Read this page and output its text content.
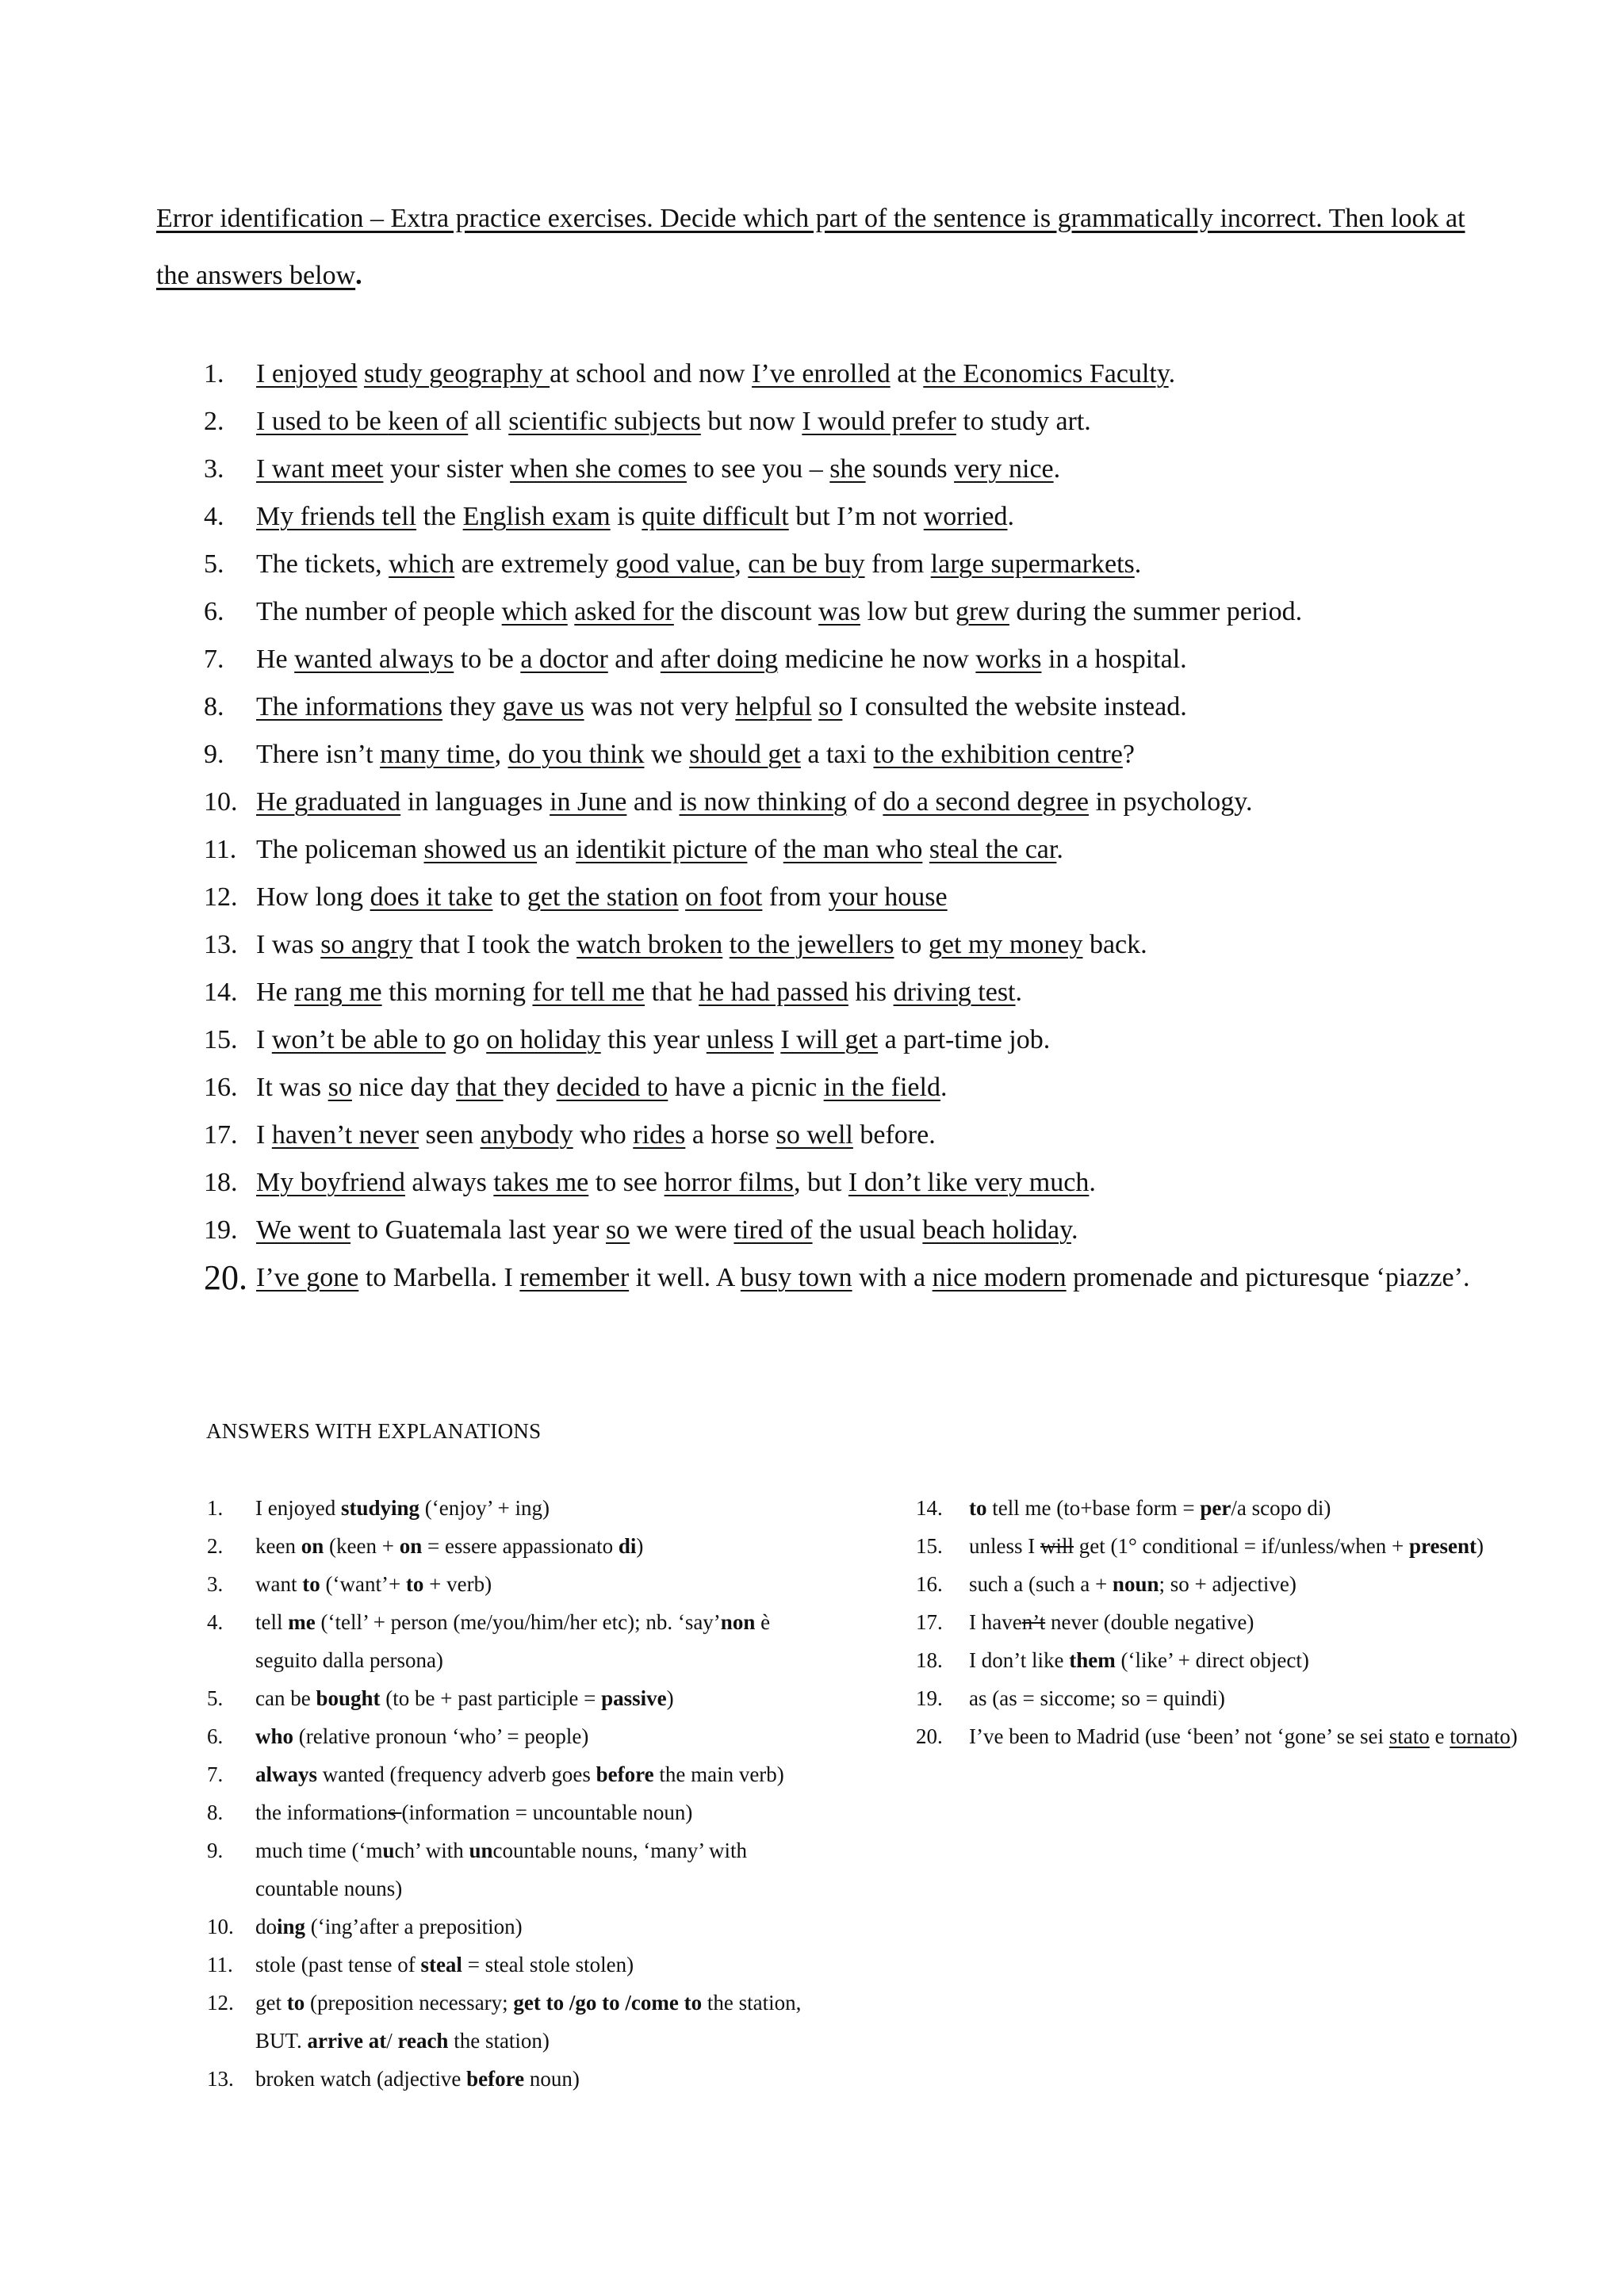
Error identification – Extra practice exercises. Decide which part of the sentence is grammatically incorrect. Then look at the answers below.
1. I enjoyed study geography at school and now I’ve enrolled at the Economics Faculty.
2. I used to be keen of all scientific subjects but now I would prefer to study art.
3. I want meet your sister when she comes to see you – she sounds very nice.
4. My friends tell the English exam is quite difficult but I’m not worried.
5. The tickets, which are extremely good value, can be buy from large supermarkets.
6. The number of people which asked for the discount was low but grew during the summer period.
7. He wanted always to be a doctor and after doing medicine he now works in a hospital.
8. The informations they gave us was not very helpful so I consulted the website instead.
9. There isn’t many time, do you think we should get a taxi to the exhibition centre?
10. He graduated in languages in June and is now thinking of do a second degree in psychology.
11. The policeman showed us an identikit picture of the man who steal the car.
12. How long does it take to get the station on foot from your house
13. I was so angry that I took the watch broken to the jewellers to get my money back.
14. He rang me this morning for tell me that he had passed his driving test.
15. I won’t be able to go on holiday this year unless I will get a part-time job.
16. It was so nice day that they decided to have a picnic in the field.
17. I haven’t never seen anybody who rides a horse so well before.
18. My boyfriend always takes me to see horror films, but I don’t like very much.
19. We went to Guatemala last year so we were tired of the usual beach holiday.
20. I’ve gone to Marbella. I remember it well. A busy town with a nice modern promenade and picturesque ‘piazze’.
ANSWERS WITH EXPLANATIONS
1. I enjoyed studying (‘enjoy’ + ing)
2. keen on (keen + on = essere appassionato di)
3. want to (‘want’+ to + verb)
4. tell me (‘tell’ + person (me/you/him/her etc); nb. ‘say’non è seguito dalla persona)
5. can be bought (to be + past participle = passive)
6. who (relative pronoun ‘who’ = people)
7. always wanted (frequency adverb goes before the main verb)
8. the informations (information = uncountable noun)
9. much time (‘much’ with uncountable nouns, ‘many’ with countable nouns)
10. doing (‘ing’after a preposition)
11. stole (past tense of steal = steal stole stolen)
12. get to (preposition necessary; get to /go to /come to the station, BUT. arrive at/ reach the station)
13. broken watch (adjective before noun)
14. to tell me (to+base form = per/a scopo di)
15. unless I will get (1° conditional = if/unless/when + present)
16. such a (such a + noun; so + adjective)
17. I haven’t never (double negative)
18. I don’t like them (‘like’ + direct object)
19. as (as = siccome; so = quindi)
20. I’ve been to Madrid (use ‘been’ not ‘gone’ se sei stato e tornato)
